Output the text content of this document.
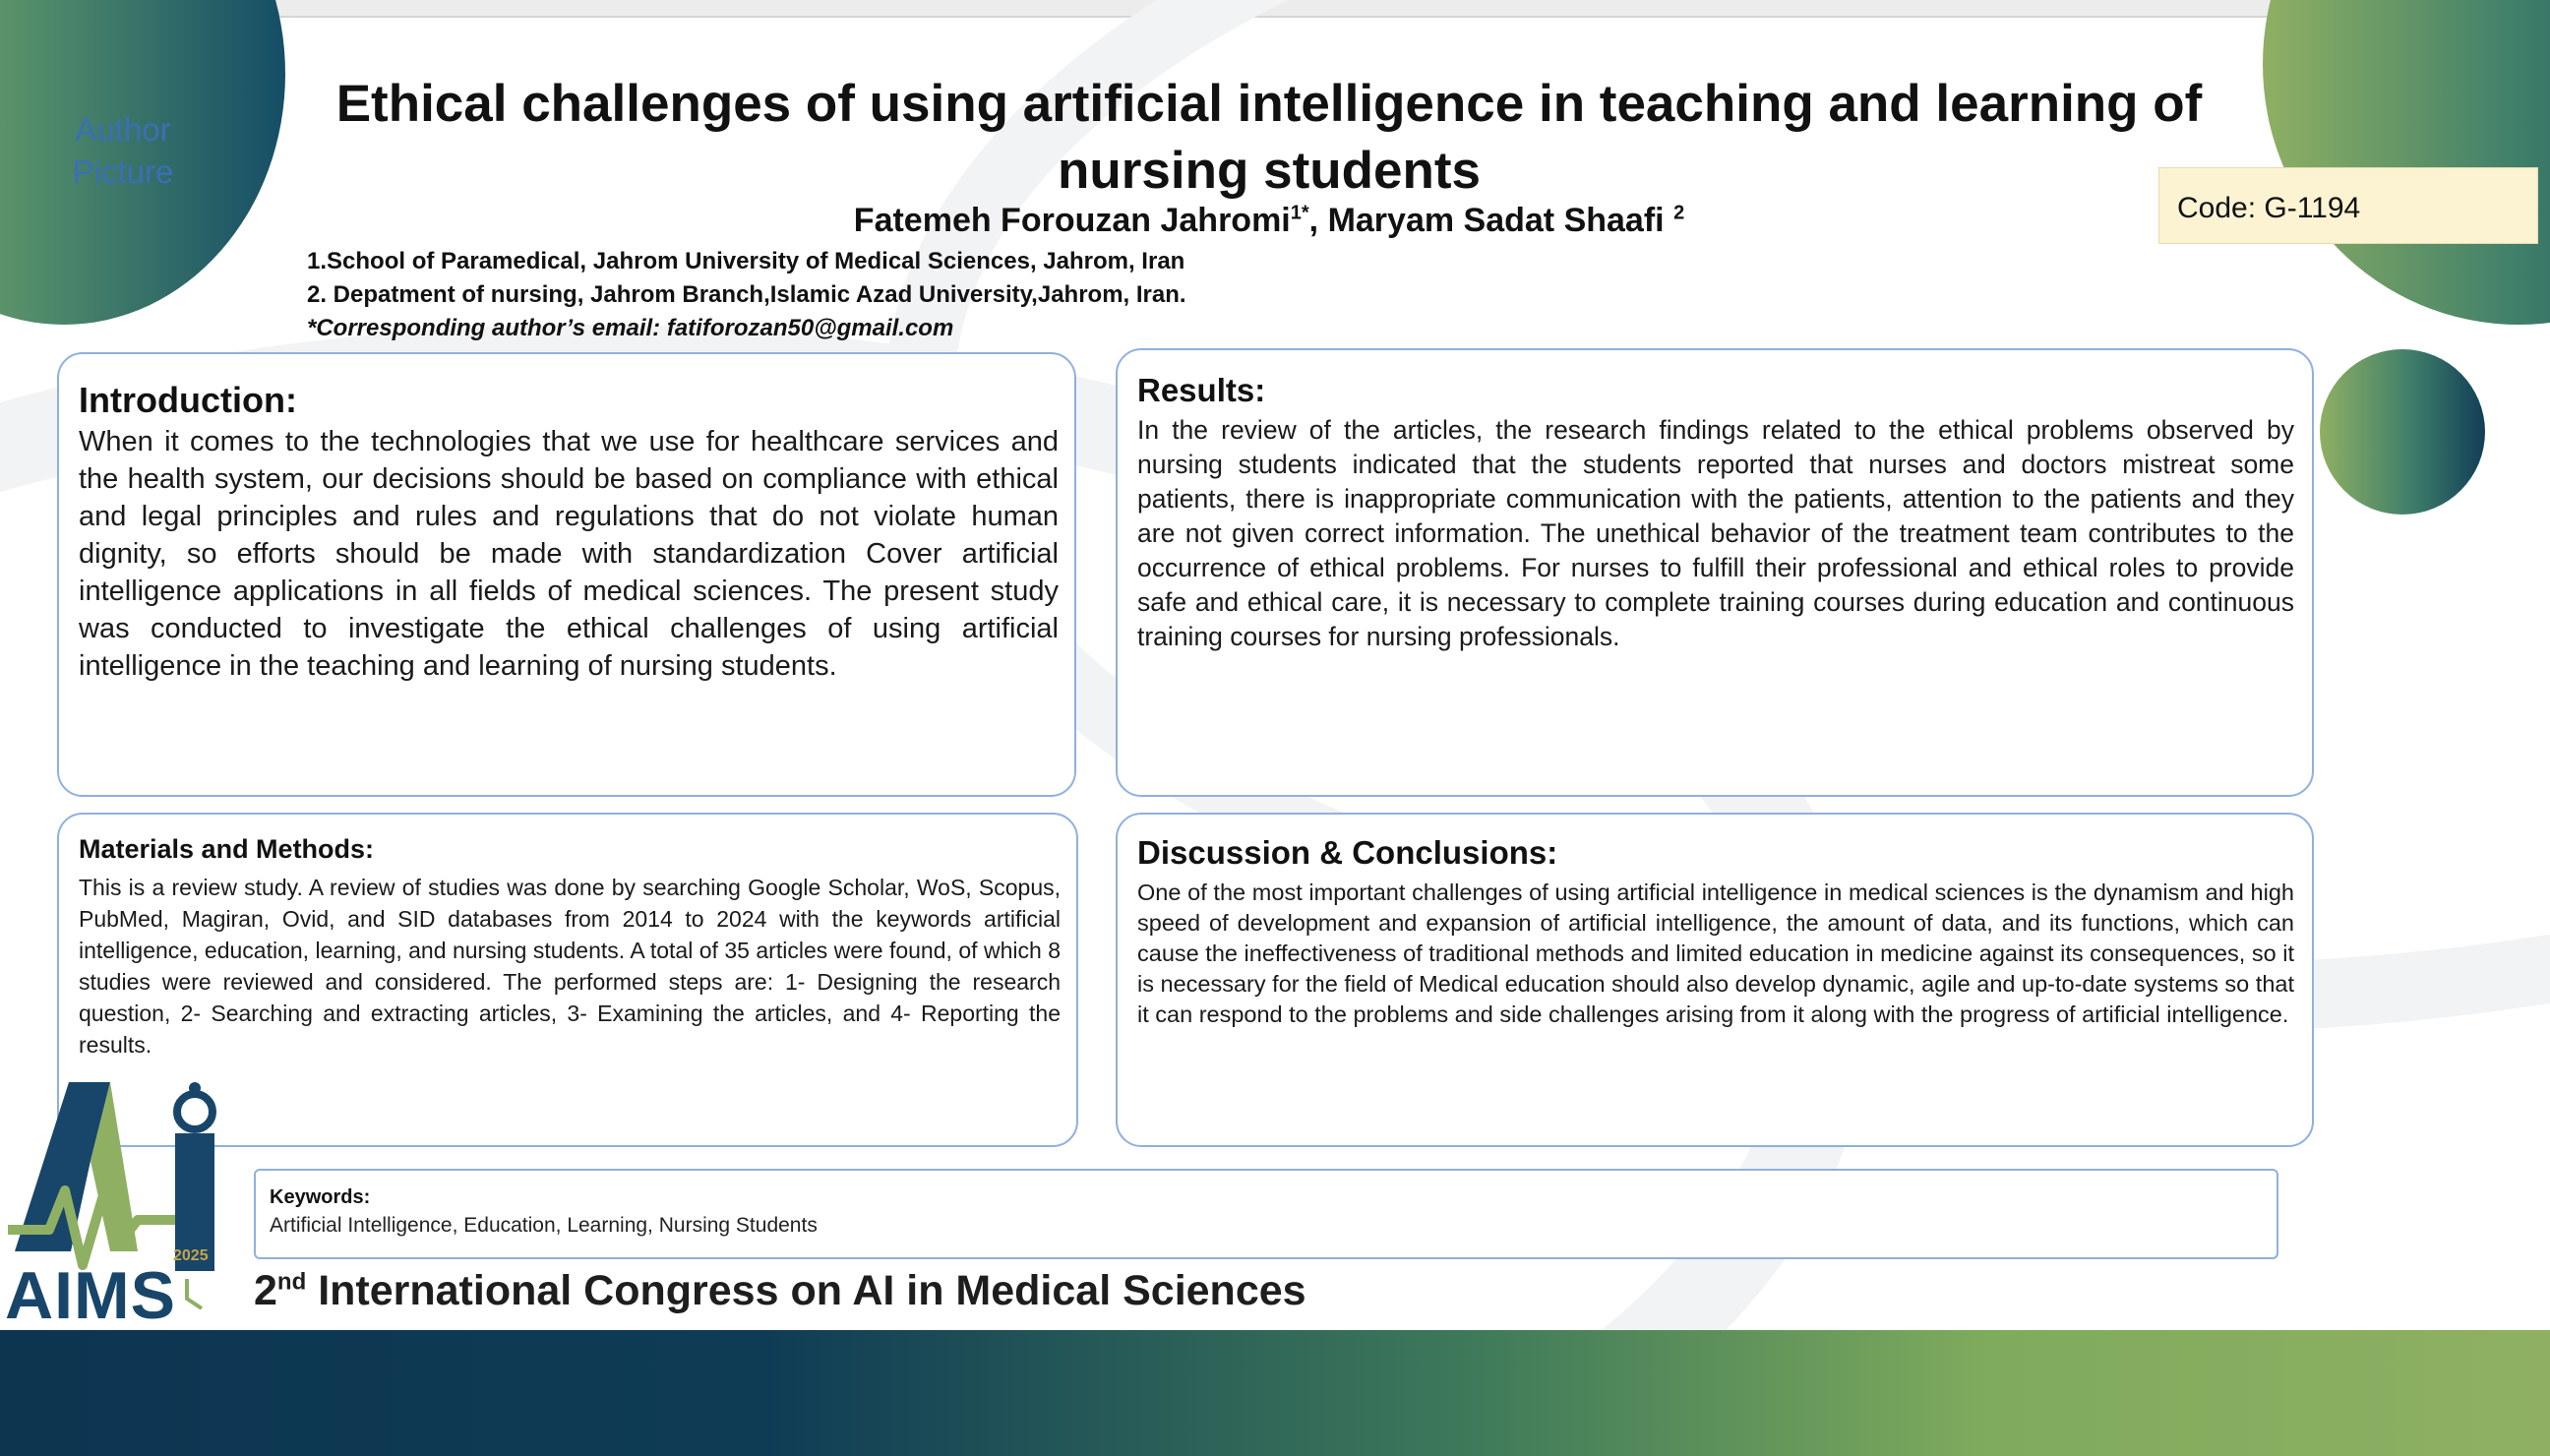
Author Picture
Code: G-1194
Ethical challenges of using artificial intelligence in teaching and learning of
nursing students
Fatemeh Forouzan Jahromi$^{1*}$, Maryam Sadat Shaafi $^2$
1.School of Paramedical, Jahrom University of Medical Sciences, Jahrom, Iran
2. Depatment of nursing, Jahrom Branch,Islamic Azad University,Jahrom, Iran.
*Corresponding author’s email: fatiforozan50@gmail.com
Introduction:
When it comes to the technologies that we use for healthcare services and the health system, our decisions should be based on compliance with ethical and legal principles and rules and regulations that do not violate human dignity, so efforts should be made with standardization Cover artificial intelligence applications in all fields of medical sciences. The present study was conducted to investigate the ethical challenges of using artificial intelligence in the teaching and learning of nursing students.
Results:
In the review of the articles, the research findings related to the ethical problems observed by nursing students indicated that the students reported that nurses and doctors mistreat some patients, there is inappropriate communication with the patients, attention to the patients and they are not given correct information. The unethical behavior of the treatment team contributes to the occurrence of ethical problems. For nurses to fulfill their professional and ethical roles to provide safe and ethical care, it is necessary to complete training courses during education and continuous training courses for nursing professionals.
Materials and Methods:
This is a review study. A review of studies was done by searching Google Scholar, WoS, Scopus, PubMed, Magiran, Ovid, and SID databases from 2014 to 2024 with the keywords artificial intelligence, education, learning, and nursing students. A total of 35 articles were found, of which 8 studies were reviewed and considered. The performed steps are: 1- Designing the research question, 2- Searching and extracting articles, 3- Examining the articles, and 4- Reporting the results.
Discussion & Conclusions:
One of the most important challenges of using artificial intelligence in medical sciences is the dynamism and high speed of development and expansion of artificial intelligence, the amount of data, and its functions, which can cause the ineffectiveness of traditional methods and limited education in medicine against its consequences, so it is necessary for the field of Medical education should also develop dynamic, agile and up-to-date systems so that it can respond to the problems and side challenges arising from it along with the progress of artificial intelligence.
Keywords:
Artificial Intelligence, Education, Learning, Nursing Students
2nd International Congress on AI in Medical Sciences
2025
AIMS
